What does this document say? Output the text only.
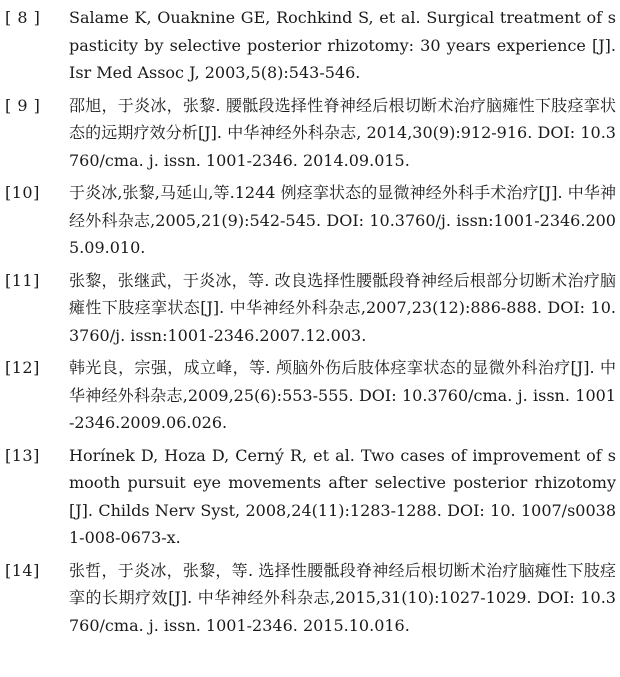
[ 8 ]	Salame K, Ouaknine GE, Rochkind S, et al. Surgical treatment of spasticity by selective posterior rhizotomy: 30 years experience [J]. Isr Med Assoc J, 2003,5(8):543-546.
[ 9 ]	邵旭，于炎冰，张黎. 腰骶段选择性脊神经后根切断术治疗脑瘫性下肢痉挛状态的远期疗效分析[J]. 中华神经外科杂志, 2014,30(9):912-916. DOI: 10.3760/cma. j. issn. 1001-2346. 2014.09.015.
[10]	于炎冰,张黎,马延山,等.1244 例痉挛状态的显微神经外科手术治疗[J]. 中华神经外科杂志,2005,21(9):542-545. DOI: 10.3760/j. issn:1001-2346.2005.09.010.
[11]	张黎，张继武，于炎冰，等. 改良选择性腰骶段脊神经后根部分切断术治疗脑瘫性下肢痉挛状态[J]. 中华神经外科杂志,2007,23(12):886-888. DOI: 10.3760/j. issn:1001-2346.2007.12.003.
[12]	韩光良，宗强，成立峰，等. 颅脑外伤后肢体痉挛状态的显微外科治疗[J]. 中华神经外科杂志,2009,25(6):553-555. DOI: 10.3760/cma. j. issn. 1001-2346.2009.06.026.
[13]	Horínek D, Hoza D, Cerný R, et al. Two cases of improvement of smooth pursuit eye movements after selective posterior rhizotomy [J]. Childs Nerv Syst, 2008,24(11):1283-1288. DOI: 10. 1007/s00381-008-0673-x.
[14]	张哲，于炎冰，张黎，等. 选择性腰骶段脊神经后根切断术治疗脑瘫性下肢痉挛的长期疗效[J]. 中华神经外科杂志,2015,31(10):1027-1029. DOI: 10.3760/cma. j. issn. 1001-2346. 2015.10.016.
